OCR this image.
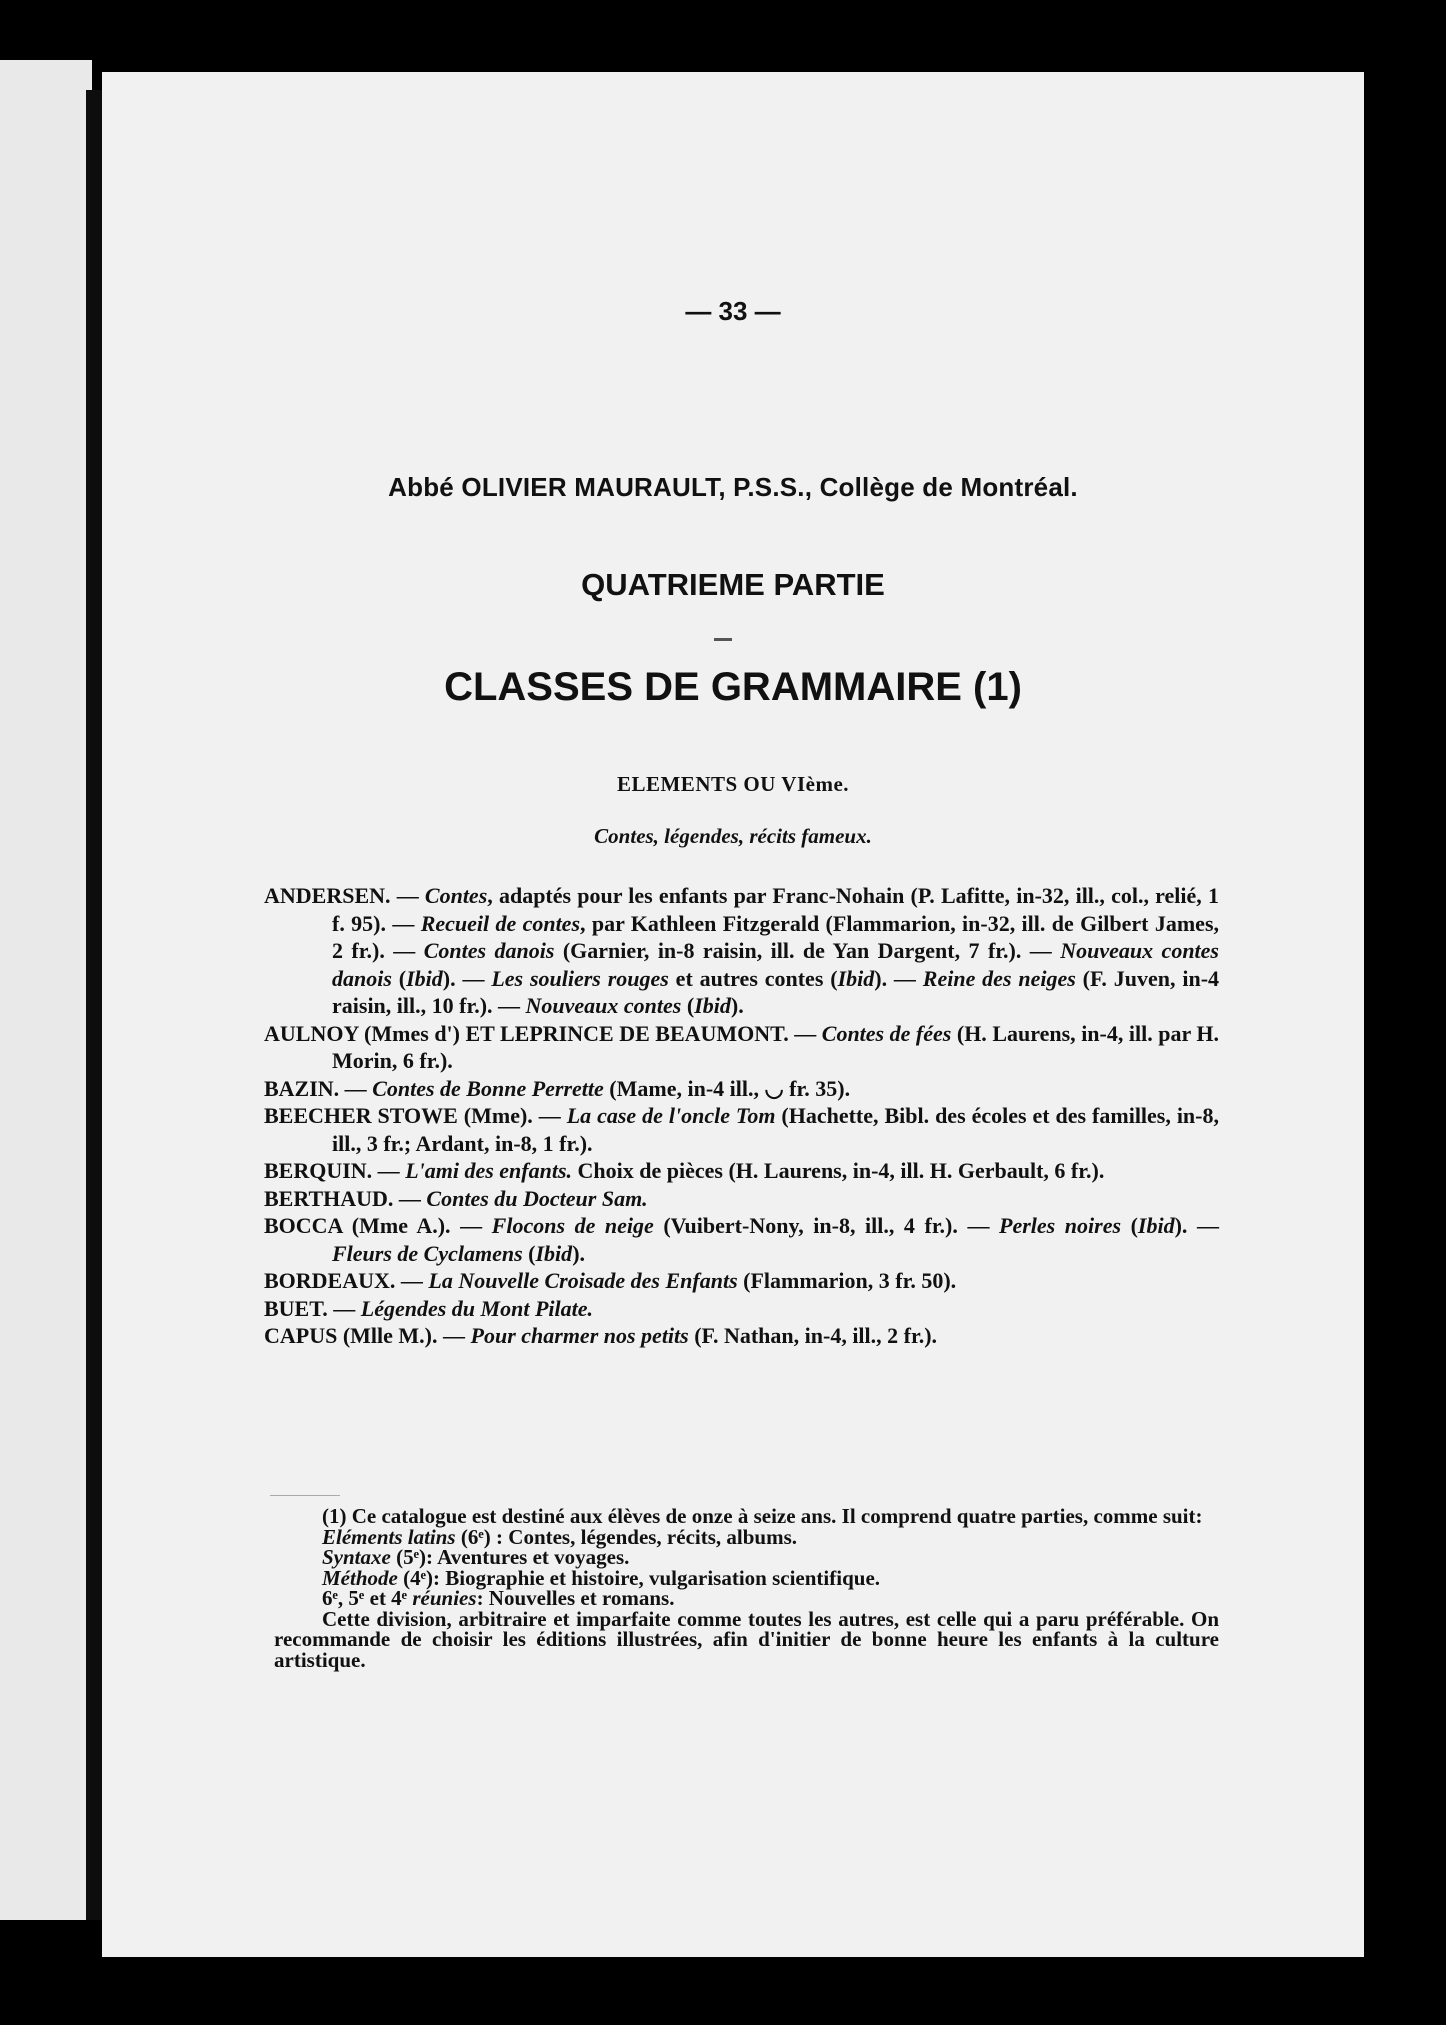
— 33 —
Abbé OLIVIER MAURAULT, P.S.S., Collège de Montréal.
QUATRIEME PARTIE
CLASSES DE GRAMMAIRE (1)
ELEMENTS OU VIème.
Contes, légendes, récits fameux.
ANDERSEN. — Contes, adaptés pour les enfants par Franc-Nohain (P. Lafitte, in-32, ill., col., relié, 1 f. 95). — Recueil de contes, par Kathleen Fitzgerald (Flammarion, in-32, ill. de Gilbert James, 2 fr.). — Contes danois (Garnier, in-8 raisin, ill. de Yan Dargent, 7 fr.). — Nouveaux contes danois (Ibid). — Les souliers rouges et autres contes (Ibid). — Reine des neiges (F. Juven, in-4 raisin, ill., 10 fr.). — Nouveaux contes (Ibid).
AULNOY (Mmes d') ET LEPRINCE DE BEAUMONT. — Contes de fées (H. Laurens, in-4, ill. par H. Morin, 6 fr.).
BAZIN. — Contes de Bonne Perrette (Mame, in-4 ill., ◡ fr. 35).
BEECHER STOWE (Mme). — La case de l'oncle Tom (Hachette, Bibl. des écoles et des familles, in-8, ill., 3 fr.; Ardant, in-8, 1 fr.).
BERQUIN. — L'ami des enfants. Choix de pièces (H. Laurens, in-4, ill. H. Gerbault, 6 fr.).
BERTHAUD. — Contes du Docteur Sam.
BOCCA (Mme A.). — Flocons de neige (Vuibert-Nony, in-8, ill., 4 fr.). — Perles noires (Ibid). — Fleurs de Cyclamens (Ibid).
BORDEAUX. — La Nouvelle Croisade des Enfants (Flammarion, 3 fr. 50).
BUET. — Légendes du Mont Pilate.
CAPUS (Mlle M.). — Pour charmer nos petits (F. Nathan, in-4, ill., 2 fr.).

(1) Ce catalogue est destiné aux élèves de onze à seize ans. Il comprend quatre parties, comme suit:

Eléments latins (6ᵉ) : Contes, légendes, récits, albums.

Syntaxe (5ᵉ): Aventures et voyages.

Méthode (4ᵉ): Biographie et histoire, vulgarisation scientifique.

6ᵉ, 5ᵉ et 4ᵉ réunies: Nouvelles et romans.

Cette division, arbitraire et imparfaite comme toutes les autres, est celle qui a paru préférable. On recommande de choisir les éditions illustrées, afin d'initier de bonne heure les enfants à la culture artistique.
